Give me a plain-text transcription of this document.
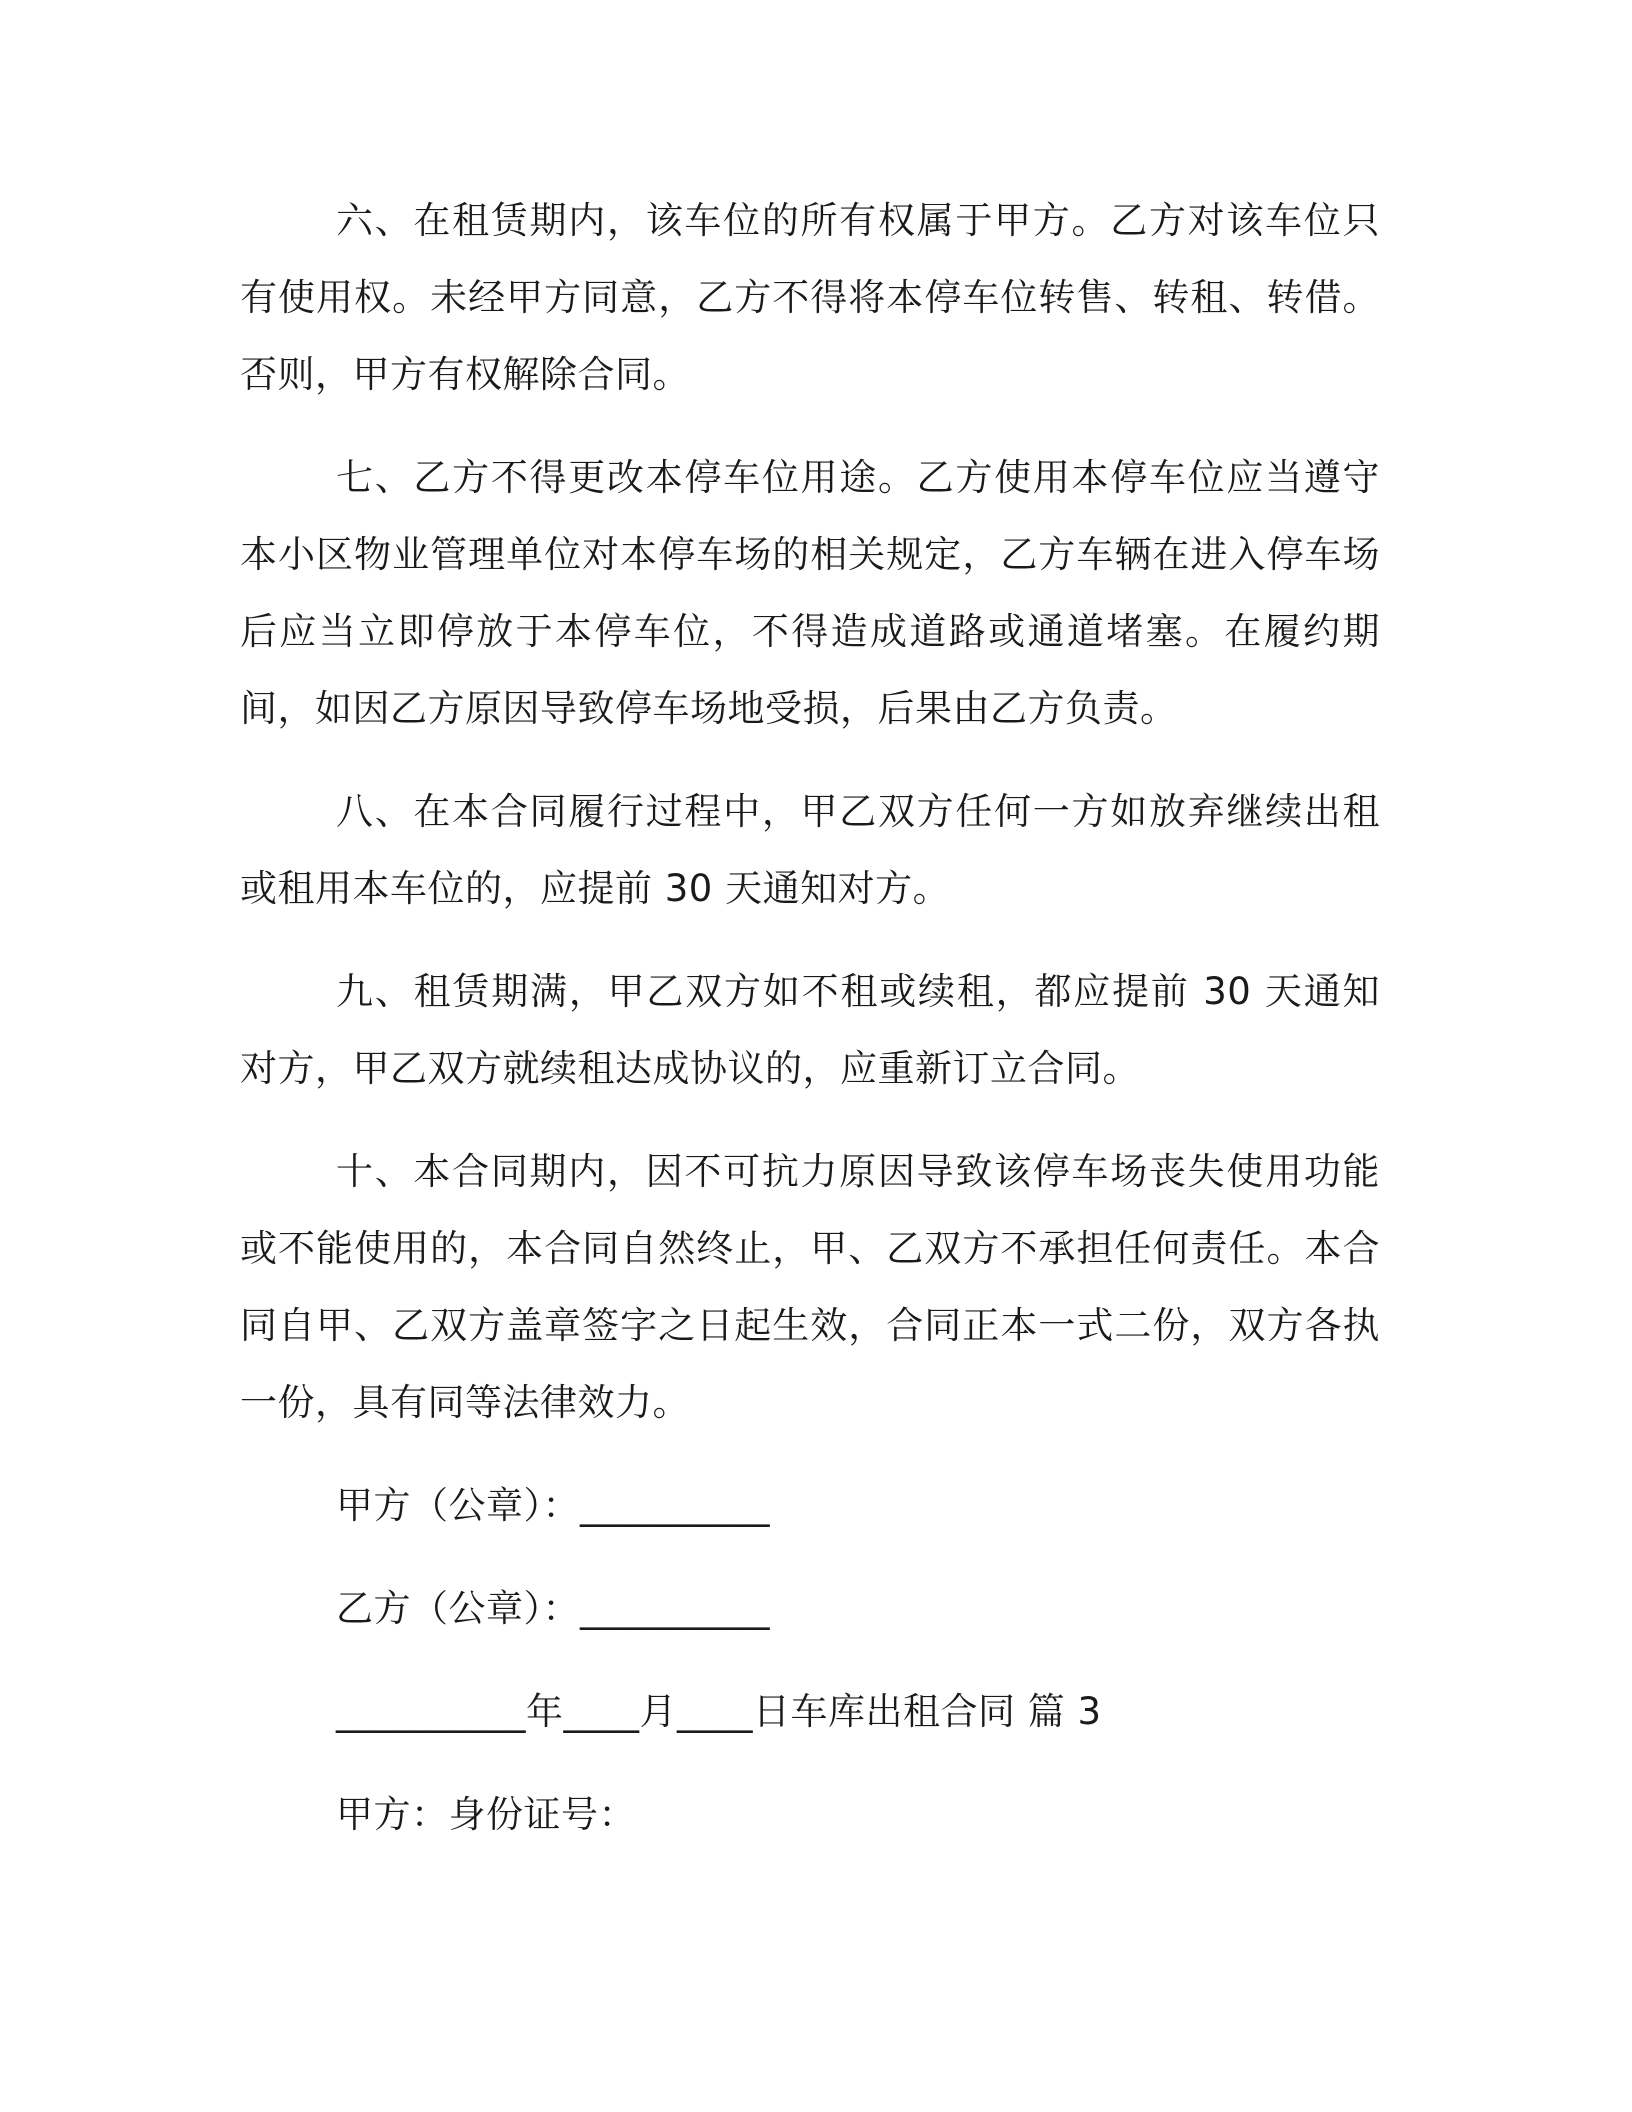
六、在租赁期内，该车位的所有权属于甲方。乙方对该车位只有使用权。未经甲方同意，乙方不得将本停车位转售、转租、转借。否则，甲方有权解除合同。

七、乙方不得更改本停车位用途。乙方使用本停车位应当遵守本小区物业管理单位对本停车场的相关规定，乙方车辆在进入停车场后应当立即停放于本停车位，不得造成道路或通道堵塞。在履约期间，如因乙方原因导致停车场地受损，后果由乙方负责。

八、在本合同履行过程中，甲乙双方任何一方如放弃继续出租或租用本车位的，应提前 30 天通知对方。

九、租赁期满，甲乙双方如不租或续租，都应提前 30 天通知对方，甲乙双方就续租达成协议的，应重新订立合同。

十、本合同期内，因不可抗力原因导致该停车场丧失使用功能或不能使用的，本合同自然终止，甲、乙双方不承担任何责任。本合同自甲、乙双方盖章签字之日起生效，合同正本一式二份，双方各执一份，具有同等法律效力。

甲方（公章）：__________
乙方（公章）：__________
__________年____月____日车库出租合同 篇 3
甲方：身份证号：
